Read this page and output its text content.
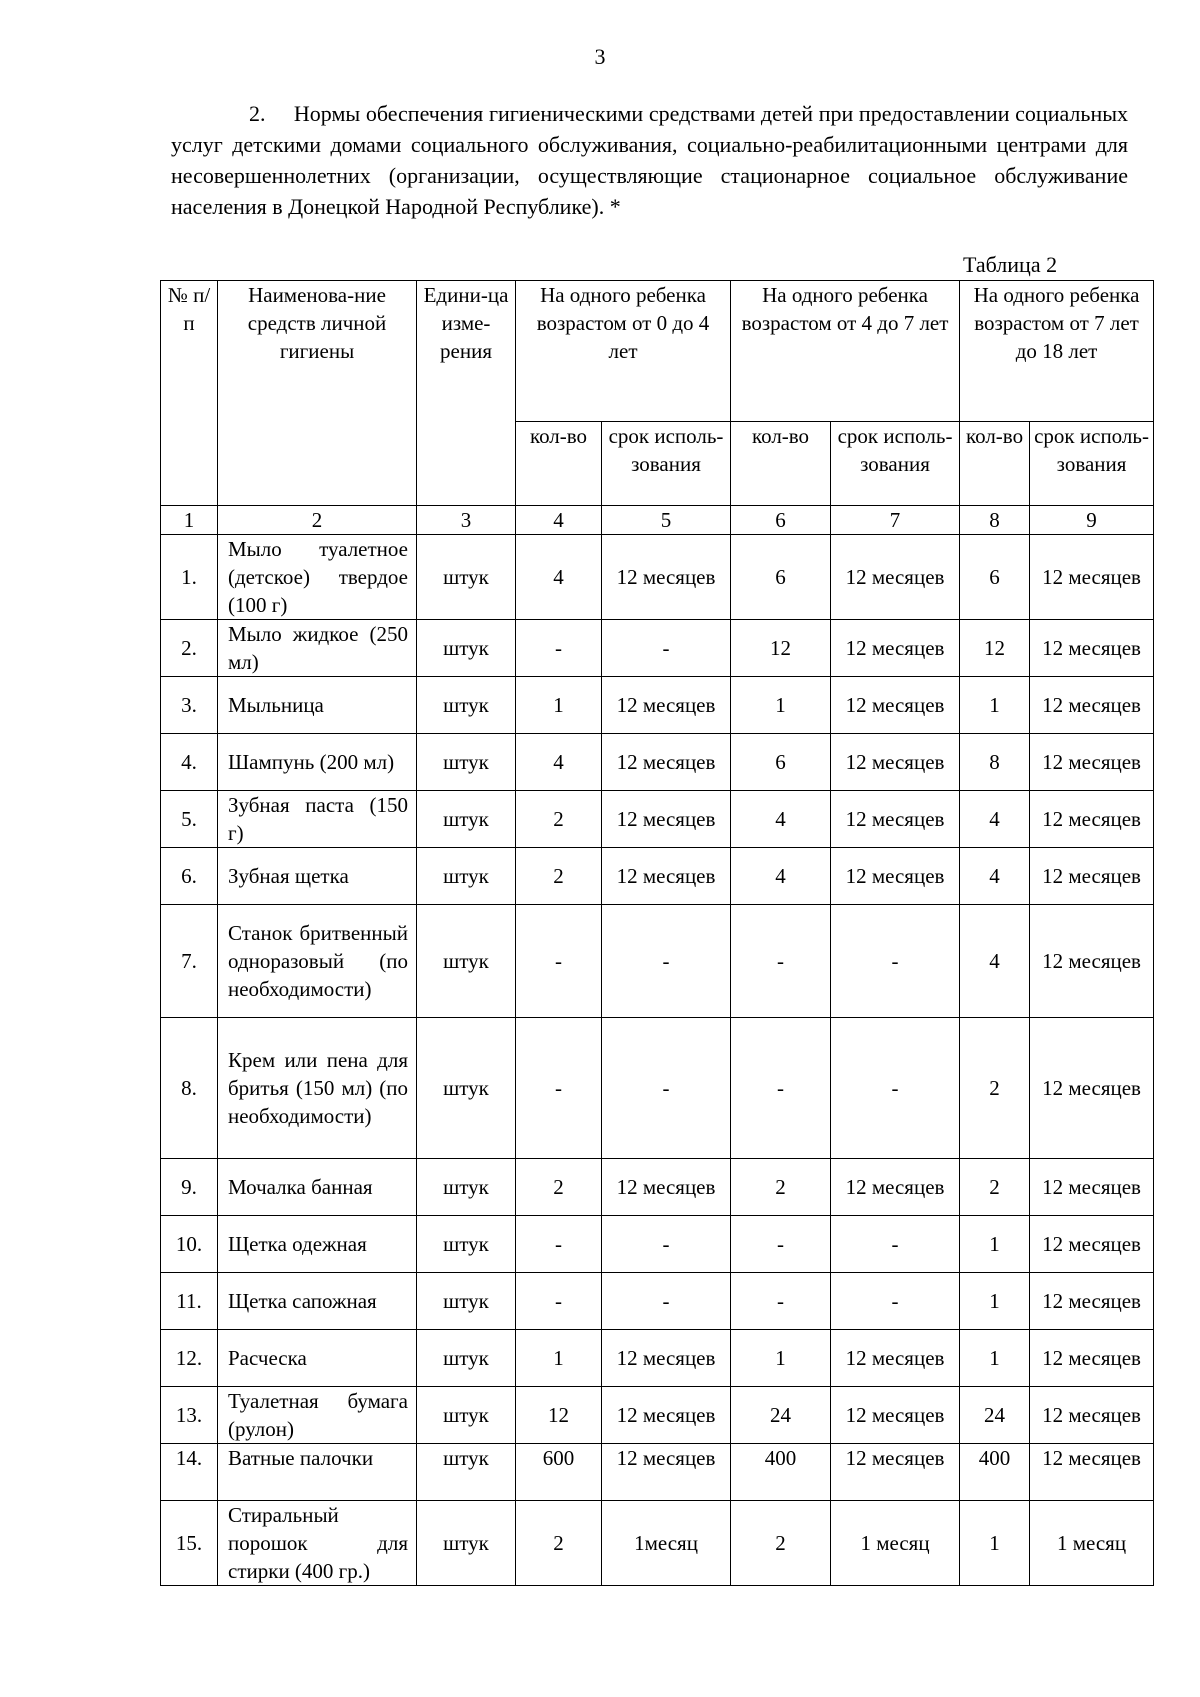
3

2.     Нормы обеспечения гигиеническими средствами детей при предоставлении социальных услуг детскими домами социального обслуживания, социально-реабилитационными центрами для несовершеннолетних (организации, осуществляющие стационарное социальное обслуживание населения в Донецкой Народной Республике). *

Таблица 2
№ п/п	Наименова-ние средств личной гигиены	Едини-ца изме-рения	На одного ребенка возрастом от 0 до 4 лет		На одного ребенка возрастом от 4 до 7 лет		На одного ребенка возрастом от 7 лет до 18 лет	
			кол-во	срок исполь-зования	кол-во	срок исполь-зования	кол-во	срок исполь-зования
1	2	3	4	5	6	7	8	9
1.	Мыло туалетное (детское) твердое (100 г)	штук	4	12 месяцев	6	12 месяцев	6	12 месяцев
2.	Мыло жидкое (250 мл)	штук	-	-	12	12 месяцев	12	12 месяцев
3.	Мыльница	штук	1	12 месяцев	1	12 месяцев	1	12 месяцев
4.	Шампунь (200 мл)	штук	4	12 месяцев	6	12 месяцев	8	12 месяцев
5.	Зубная паста (150 г)	штук	2	12 месяцев	4	12 месяцев	4	12 месяцев
6.	Зубная щетка	штук	2	12 месяцев	4	12 месяцев	4	12 месяцев
7.	Станок бритвенный одноразовый (по необходимости)	штук	-	-	-	-	4	12 месяцев
8.	Крем или пена для бритья (150 мл) (по необходимости)	штук	-	-	-	-	2	12 месяцев
9.	Мочалка банная	штук	2	12 месяцев	2	12 месяцев	2	12 месяцев
10.	Щетка одежная	штук	-	-	-	-	1	12 месяцев
11.	Щетка сапожная	штук	-	-	-	-	1	12 месяцев
12.	Расческа	штук	1	12 месяцев	1	12 месяцев	1	12 месяцев
13.	Туалетная бумага (рулон)	штук	12	12 месяцев	24	12 месяцев	24	12 месяцев
14.	Ватные палочки	штук	600	12 месяцев	400	12 месяцев	400	12 месяцев
15.	Стиральный порошок для стирки (400 гр.)	штук	2	1месяц	2	1 месяц	1	1 месяц
